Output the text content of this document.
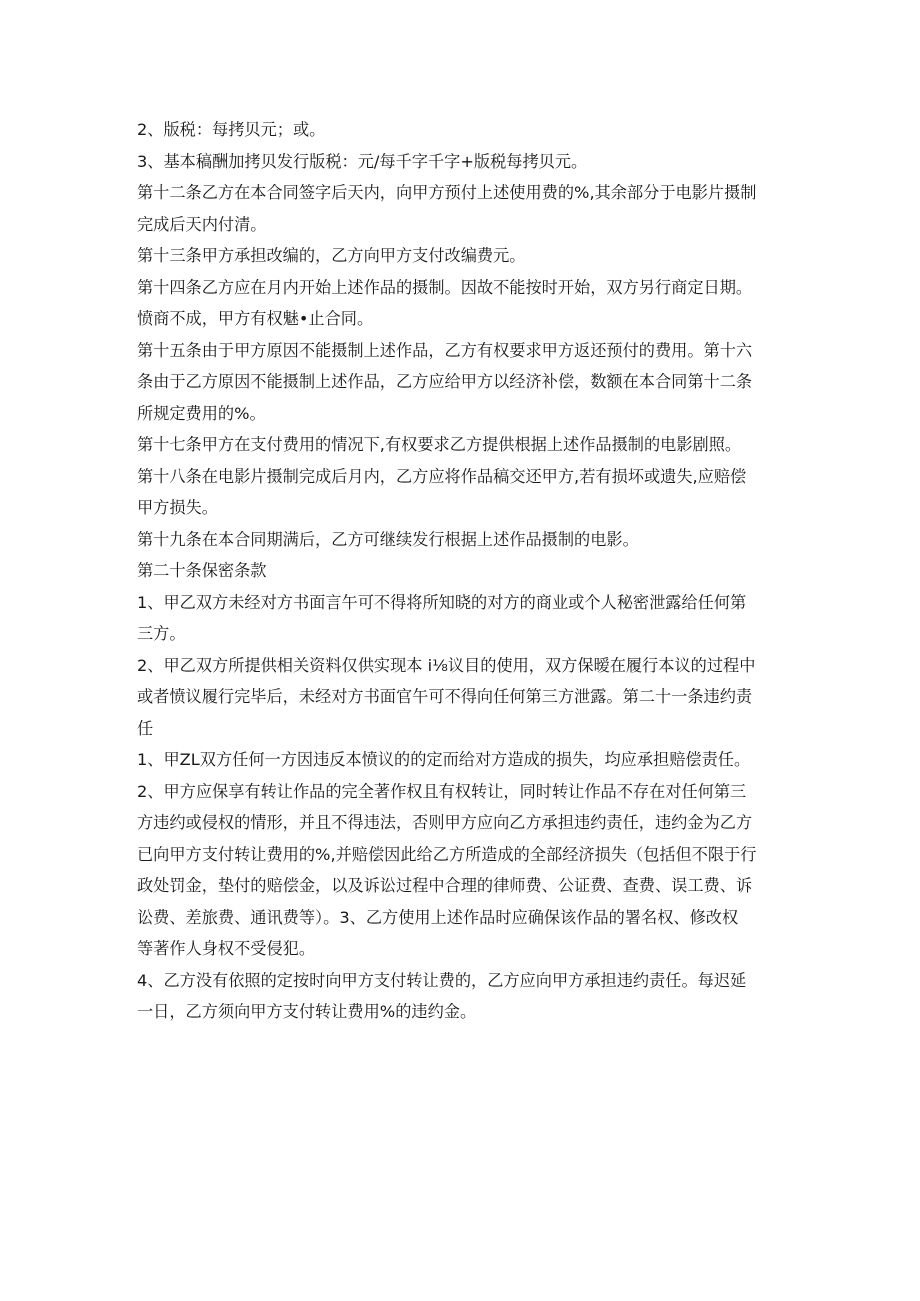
2、版税：每拷贝元；或。

3、基本稿酬加拷贝发行版税：元/每千字千字+版税每拷贝元。

第十二条乙方在本合同签字后天内，向甲方预付上述使用费的%,其余部分于电影片摄制

完成后天内付清。

第十三条甲方承担改编的，乙方向甲方支付改编费元。

第十四条乙方应在月内开始上述作品的摄制。因故不能按时开始，双方另行商定日期。

愤商不成，甲方有权魅•止合同。

第十五条由于甲方原因不能摄制上述作品，乙方有权要求甲方返还预付的费用。第十六

条由于乙方原因不能摄制上述作品，乙方应给甲方以经济补偿，数额在本合同第十二条

所规定费用的%。

第十七条甲方在支付费用的情况下,有权要求乙方提供根据上述作品摄制的电影剧照。

第十八条在电影片摄制完成后月内，乙方应将作品稿交还甲方,若有损坏或遗失,应赔偿

甲方损失。

第十九条在本合同期满后，乙方可继续发行根据上述作品摄制的电影。

第二十条保密条款

1、甲乙双方未经对方书面言午可不得将所知晓的对方的商业或个人秘密泄露给任何第

三方。

2、甲乙双方所提供相关资料仅供实现本 i⅛议目的使用，双方保暧在履行本议的过程中

或者愤议履行完毕后，未经对方书面官午可不得向任何第三方泄露。第二十一条违约责

任

1、甲ZL双方任何一方因违反本愤议的的定而给对方造成的损失，均应承担赔偿责任。

2、甲方应保享有转让作品的完全著作权且有权转让，同时转让作品不存在对任何第三

方违约或侵权的情形，并且不得违法，否则甲方应向乙方承担违约责任，违约金为乙方

已向甲方支付转让费用的%,并赔偿因此给乙方所造成的全部经济损失（包括但不限于行

政处罚金，垫付的赔偿金，以及诉讼过程中合理的律师费、公证费、查费、误工费、诉

讼费、差旅费、通讯费等）。3、乙方使用上述作品时应确保该作品的署名权、修改权

等著作人身权不受侵犯。

4、乙方没有依照的定按时向甲方支付转让费的，乙方应向甲方承担违约责任。每迟延

一日，乙方须向甲方支付转让费用%的违约金。
